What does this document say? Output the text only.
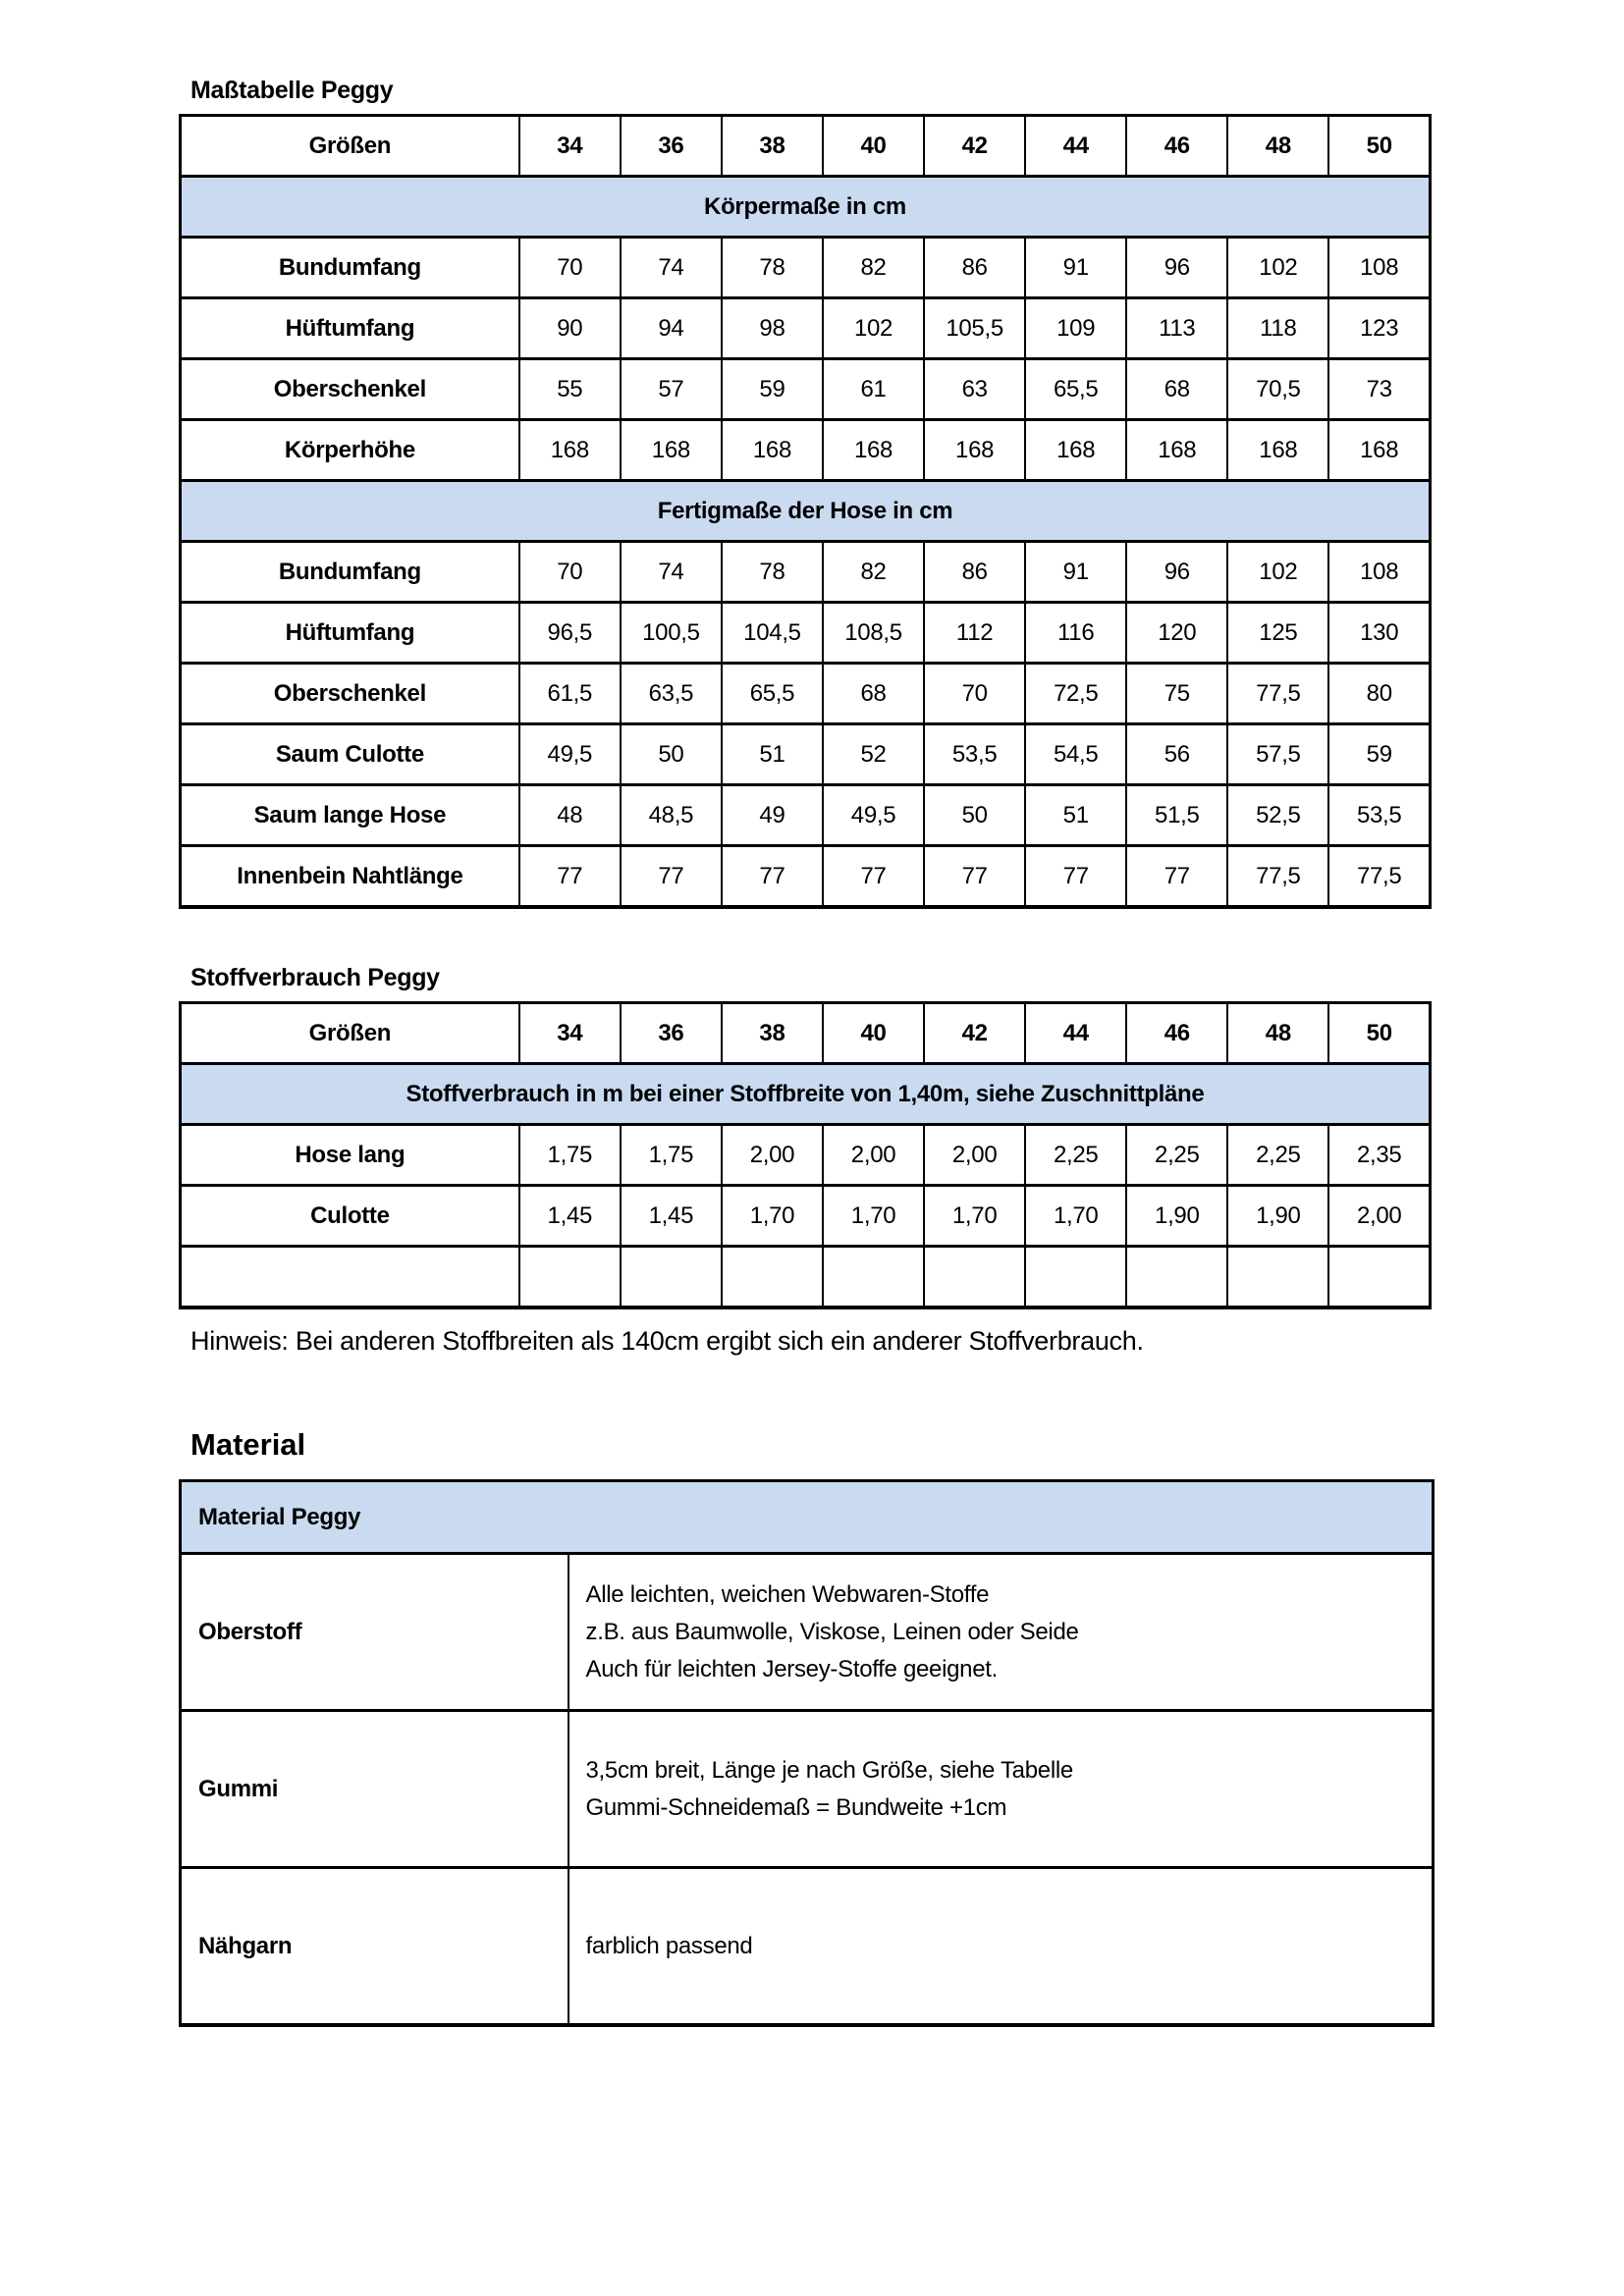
Maßtabelle Peggy
Größen	34	36	38	40	42	44	46	48	50
Körpermaße in cm									
Bundumfang	70	74	78	82	86	91	96	102	108
Hüftumfang	90	94	98	102	105,5	109	113	118	123
Oberschenkel	55	57	59	61	63	65,5	68	70,5	73
Körperhöhe	168	168	168	168	168	168	168	168	168
Fertigmaße der Hose in cm									
Bundumfang	70	74	78	82	86	91	96	102	108
Hüftumfang	96,5	100,5	104,5	108,5	112	116	120	125	130
Oberschenkel	61,5	63,5	65,5	68	70	72,5	75	77,5	80
Saum Culotte	49,5	50	51	52	53,5	54,5	56	57,5	59
Saum lange Hose	48	48,5	49	49,5	50	51	51,5	52,5	53,5
Innenbein Nahtlänge	77	77	77	77	77	77	77	77,5	77,5
Stoffverbrauch Peggy
Größen	34	36	38	40	42	44	46	48	50
Stoffverbrauch in m bei einer Stoffbreite von 1,40m, siehe Zuschnittpläne									
Hose lang	1,75	1,75	2,00	2,00	2,00	2,25	2,25	2,25	2,35
Culotte	1,45	1,45	1,70	1,70	1,70	1,70	1,90	1,90	2,00

Hinweis: Bei anderen Stoffbreiten als 140cm ergibt sich ein anderer Stoffverbrauch.
Material
Material Peggy	
Oberstoff	Alle leichten, weichen Webwaren-Stoffe
z.B. aus Baumwolle, Viskose, Leinen oder Seide
Auch für leichten Jersey-Stoffe geeignet.

Gummi	3,5cm breit, Länge je nach Größe, siehe Tabelle
Gummi-Schneidemaß = Bundweite +1cm

Nähgarn	farblich passend
